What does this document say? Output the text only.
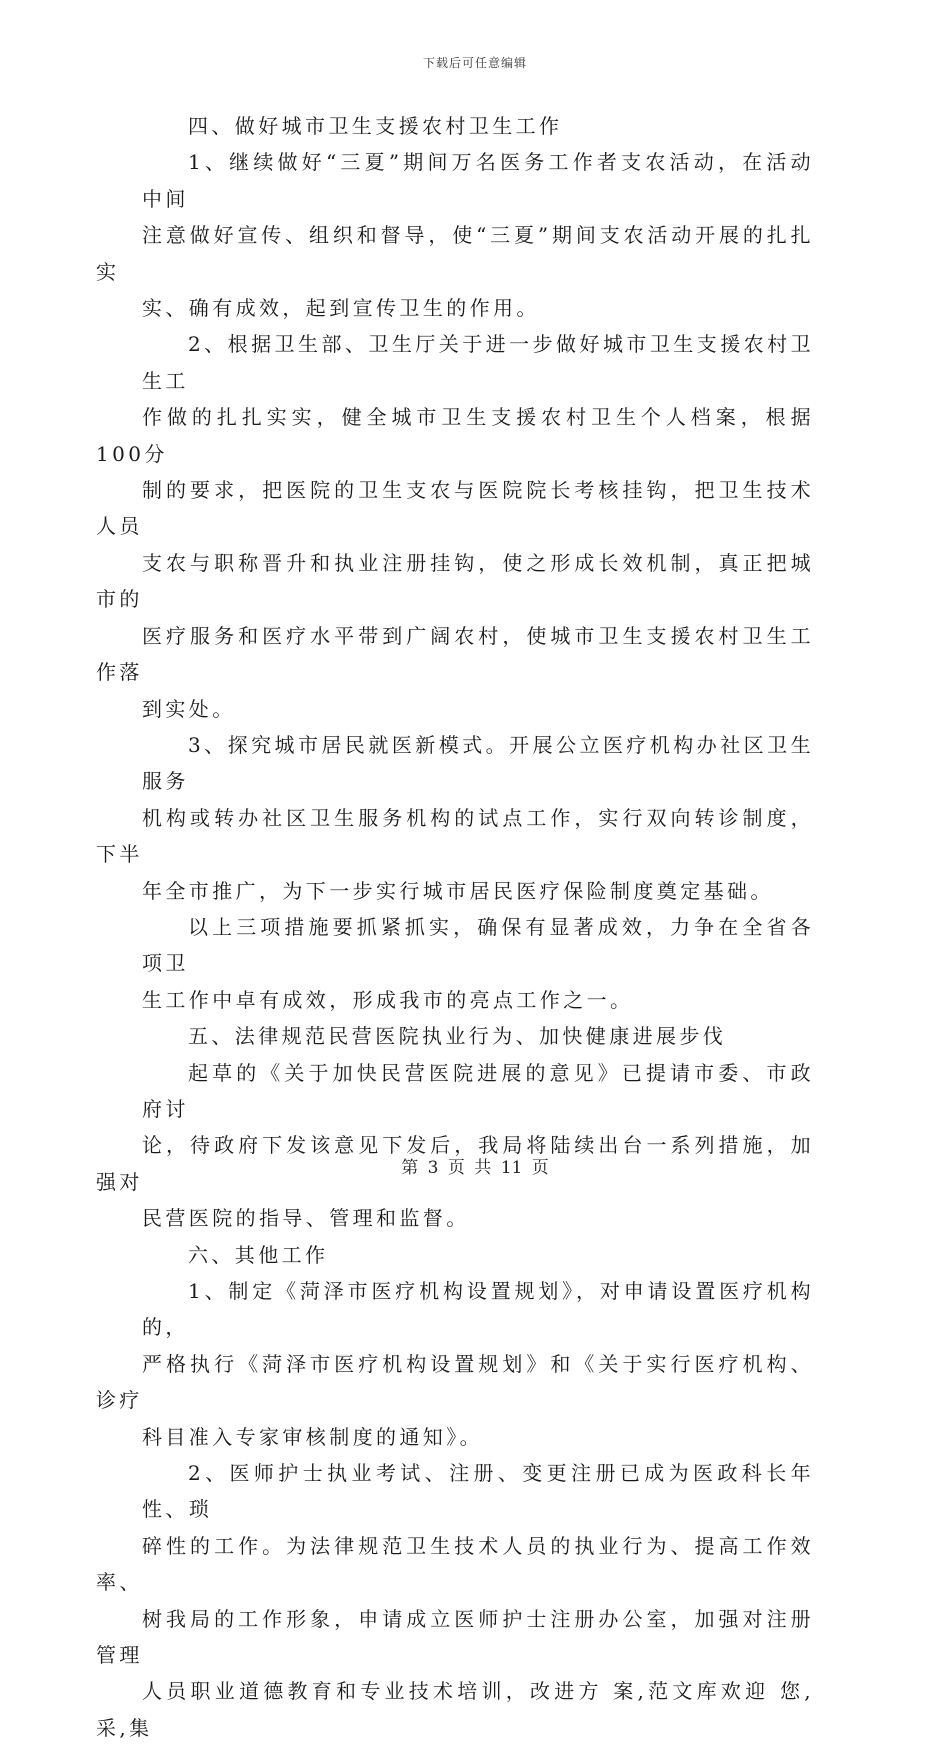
下载后可任意编辑

四、做好城市卫生支援农村卫生工作

1、继续做好“三夏”期间万名医务工作者支农活动，在活动中间
注意做好宣传、组织和督导，使“三夏”期间支农活动开展的扎扎实
实、确有成效，起到宣传卫生的作用。

2、根据卫生部、卫生厅关于进一步做好城市卫生支援农村卫生工
作做的扎扎实实，健全城市卫生支援农村卫生个人档案，根据100分
制的要求，把医院的卫生支农与医院院长考核挂钩，把卫生技术人员
支农与职称晋升和执业注册挂钩，使之形成长效机制，真正把城市的
医疗服务和医疗水平带到广阔农村，使城市卫生支援农村卫生工作落
到实处。

3、探究城市居民就医新模式。开展公立医疗机构办社区卫生服务
机构或转办社区卫生服务机构的试点工作，实行双向转诊制度，下半
年全市推广，为下一步实行城市居民医疗保险制度奠定基础。

以上三项措施要抓紧抓实，确保有显著成效，力争在全省各项卫
生工作中卓有成效，形成我市的亮点工作之一。

五、法律规范民营医院执业行为、加快健康进展步伐

起草的《关于加快民营医院进展的意见》已提请市委、市政府讨
论，待政府下发该意见下发后，我局将陆续出台一系列措施，加强对
民营医院的指导、管理和监督。

六、其他工作

1、制定《菏泽市医疗机构设置规划》，对申请设置医疗机构的，
严格执行《菏泽市医疗机构设置规划》和《关于实行医疗机构、诊疗
科目准入专家审核制度的通知》。

2、医师护士执业考试、注册、变更注册已成为医政科长年性、琐
碎性的工作。为法律规范卫生技术人员的执业行为、提高工作效率、
树我局的工作形象，申请成立医师护士注册办公室，加强对注册管理
人员职业道德教育和专业技术培训，改进方 案,范文库欢迎 您,采,集

第 3 页 共 11 页
